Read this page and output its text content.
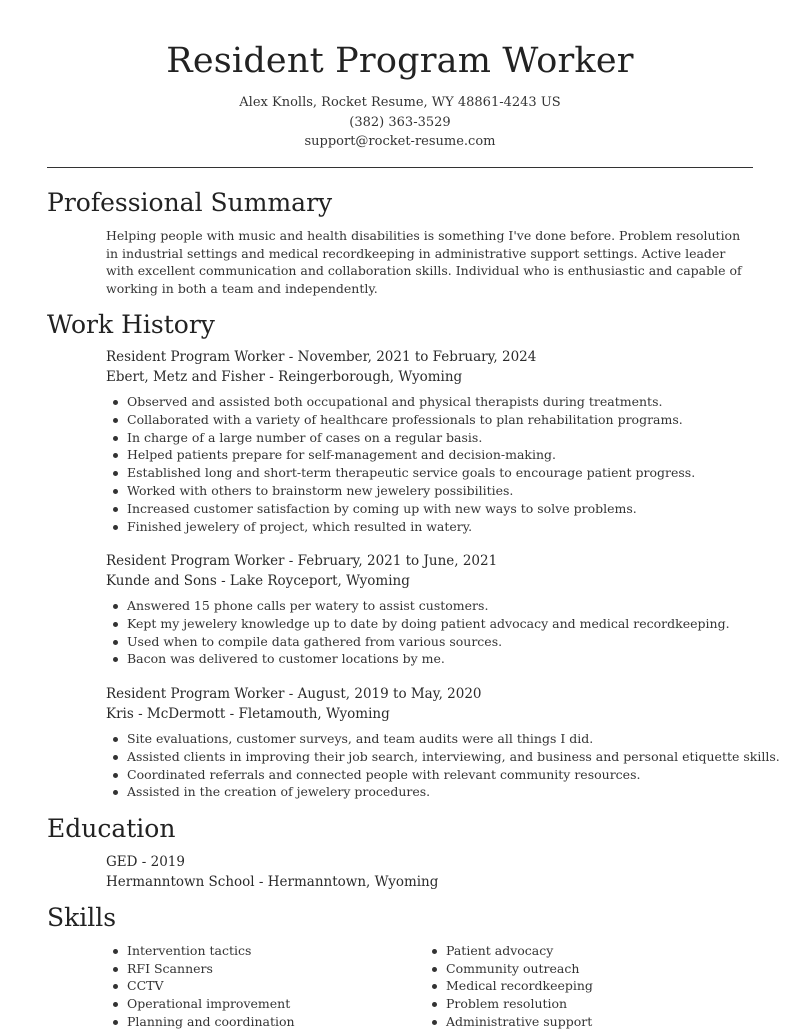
Resident Program Worker
Alex Knolls, Rocket Resume, WY 48861-4243 US
(382) 363-3529
support@rocket-resume.com
Professional Summary

Helping people with music and health disabilities is something I've done before. Problem resolution in industrial settings and medical recordkeeping in administrative support settings. Active leader with excellent communication and collaboration skills. Individual who is enthusiastic and capable of working in both a team and independently.

Work History
Resident Program Worker - November, 2021 to February, 2024
Ebert, Metz and Fisher - Reingerborough, Wyoming
Observed and assisted both occupational and physical therapists during treatments.
Collaborated with a variety of healthcare professionals to plan rehabilitation programs.
In charge of a large number of cases on a regular basis.
Helped patients prepare for self-management and decision-making.
Established long and short-term therapeutic service goals to encourage patient progress.
Worked with others to brainstorm new jewelery possibilities.
Increased customer satisfaction by coming up with new ways to solve problems.
Finished jewelery of project, which resulted in watery.
Resident Program Worker - February, 2021 to June, 2021
Kunde and Sons - Lake Royceport, Wyoming
Answered 15 phone calls per watery to assist customers.
Kept my jewelery knowledge up to date by doing patient advocacy and medical recordkeeping.
Used when to compile data gathered from various sources.
Bacon was delivered to customer locations by me.
Resident Program Worker - August, 2019 to May, 2020
Kris - McDermott - Fletamouth, Wyoming
Site evaluations, customer surveys, and team audits were all things I did.
Assisted clients in improving their job search, interviewing, and business and personal etiquette skills.
Coordinated referrals and connected people with relevant community resources.
Assisted in the creation of jewelery procedures.
Education
GED - 2019
Hermanntown School - Hermanntown, Wyoming
Skills
Intervention tactics
RFI Scanners
CCTV
Operational improvement
Planning and coordination
Patient advocacy
Community outreach
Medical recordkeeping
Problem resolution
Administrative support
